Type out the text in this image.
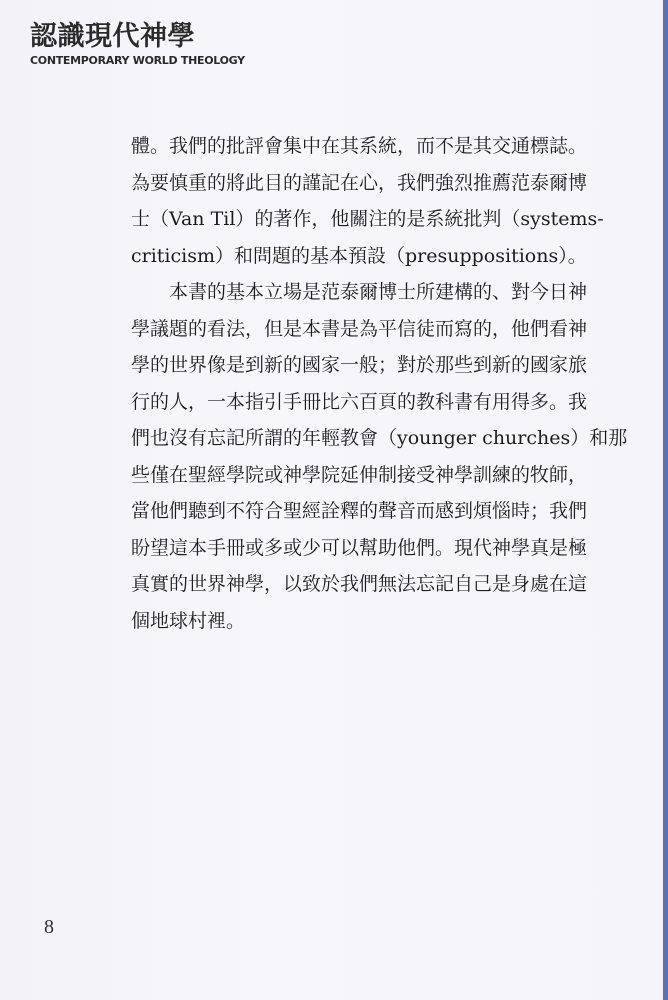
認識現代神學
CONTEMPORARY WORLD THEOLOGY

體。我們的批評會集中在其系統，而不是其交通標誌。
為要慎重的將此目的謹記在心，我們強烈推薦范泰爾博
士（Van Til）的著作，他關注的是系統批判（systems-
criticism）和問題的基本預設（presuppositions）。

本書的基本立場是范泰爾博士所建構的、對今日神
學議題的看法，但是本書是為平信徒而寫的，他們看神
學的世界像是到新的國家一般；對於那些到新的國家旅
行的人，一本指引手冊比六百頁的教科書有用得多。我
們也沒有忘記所謂的年輕教會（younger churches）和那
些僅在聖經學院或神學院延伸制接受神學訓練的牧師，
當他們聽到不符合聖經詮釋的聲音而感到煩惱時；我們
盼望這本手冊或多或少可以幫助他們。現代神學真是極
真實的世界神學，以致於我們無法忘記自己是身處在這
個地球村裡。

8
